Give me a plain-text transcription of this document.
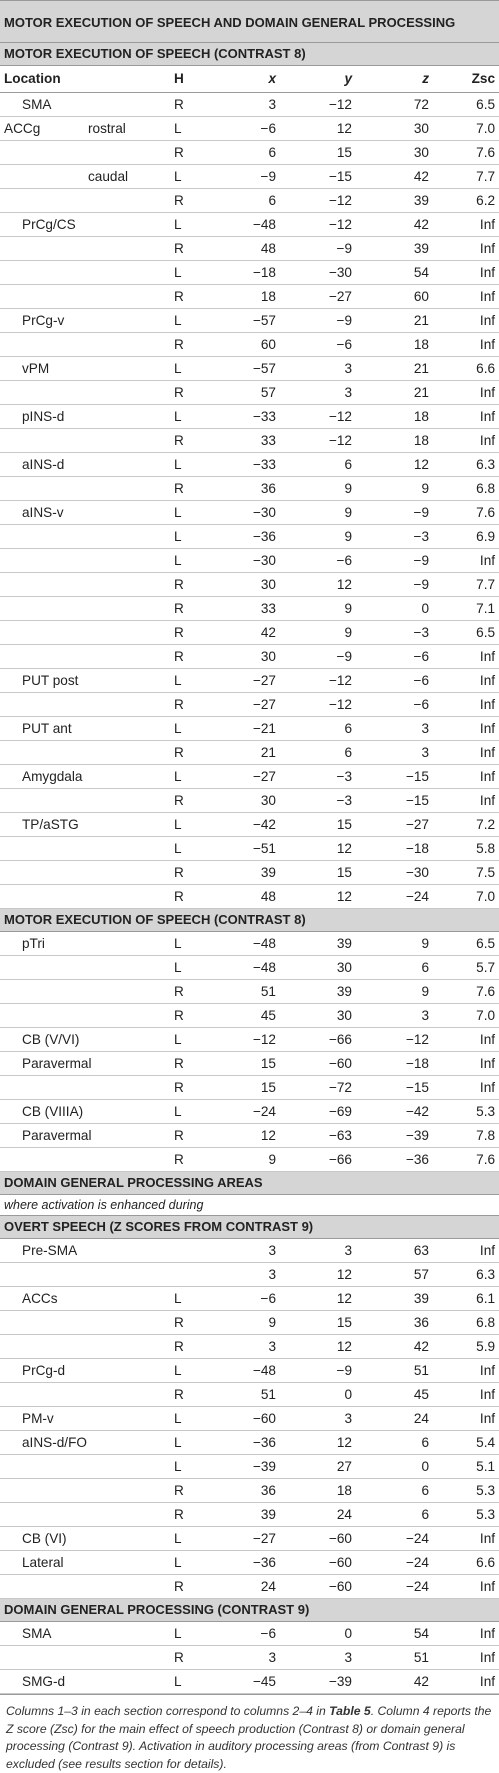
MOTOR EXECUTION OF SPEECH AND DOMAIN GENERAL PROCESSING						
MOTOR EXECUTION OF SPEECH (CONTRAST 8)						
Location		H	x	y	z	Zsc
SMA		R	3	−12	72	6.5
ACCg	rostral	L	−6	12	30	7.0
		R	6	15	30	7.6
	caudal	L	−9	−15	42	7.7
		R	6	−12	39	6.2
PrCg/CS		L	−48	−12	42	Inf
		R	48	−9	39	Inf
		L	−18	−30	54	Inf
		R	18	−27	60	Inf
PrCg-v		L	−57	−9	21	Inf
		R	60	−6	18	Inf
vPM		L	−57	3	21	6.6
		R	57	3	21	Inf
pINS-d		L	−33	−12	18	Inf
		R	33	−12	18	Inf
aINS-d		L	−33	6	12	6.3
		R	36	9	9	6.8
aINS-v		L	−30	9	−9	7.6
		L	−36	9	−3	6.9
		L	−30	−6	−9	Inf
		R	30	12	−9	7.7
		R	33	9	0	7.1
		R	42	9	−3	6.5
		R	30	−9	−6	Inf
PUT post		L	−27	−12	−6	Inf
		R	−27	−12	−6	Inf
PUT ant		L	−21	6	3	Inf
		R	21	6	3	Inf
Amygdala		L	−27	−3	−15	Inf
		R	30	−3	−15	Inf
TP/aSTG		L	−42	15	−27	7.2
		L	−51	12	−18	5.8
		R	39	15	−30	7.5
		R	48	12	−24	7.0
MOTOR EXECUTION OF SPEECH (CONTRAST 8)						
pTri		L	−48	39	9	6.5
		L	−48	30	6	5.7
		R	51	39	9	7.6
		R	45	30	3	7.0
CB (V/VI)		L	−12	−66	−12	Inf
Paravermal		R	15	−60	−18	Inf
		R	15	−72	−15	Inf
CB (VIIIA)		L	−24	−69	−42	5.3
Paravermal		R	12	−63	−39	7.8
		R	9	−66	−36	7.6
DOMAIN GENERAL PROCESSING AREAS						
where activation is enhanced during						
OVERT SPEECH (Z SCORES FROM CONTRAST 9)						
Pre-SMA			3	3	63	Inf
			3	12	57	6.3
ACCs		L	−6	12	39	6.1
		R	9	15	36	6.8
		R	3	12	42	5.9
PrCg-d		L	−48	−9	51	Inf
		R	51	0	45	Inf
PM-v		L	−60	3	24	Inf
aINS-d/FO		L	−36	12	6	5.4
		L	−39	27	0	5.1
		R	36	18	6	5.3
		R	39	24	6	5.3
CB (VI)		L	−27	−60	−24	Inf
Lateral		L	−36	−60	−24	6.6
		R	24	−60	−24	Inf
DOMAIN GENERAL PROCESSING (CONTRAST 9)						
SMA		L	−6	0	54	Inf
		R	3	3	51	Inf
SMG-d		L	−45	−39	42	Inf
Columns 1–3 in each section correspond to columns 2–4 in Table 5. Column 4 reports the Z score (Zsc) for the main effect of speech production (Contrast 8) or domain general processing (Contrast 9). Activation in auditory processing areas (from Contrast 9) is excluded (see results section for details).
